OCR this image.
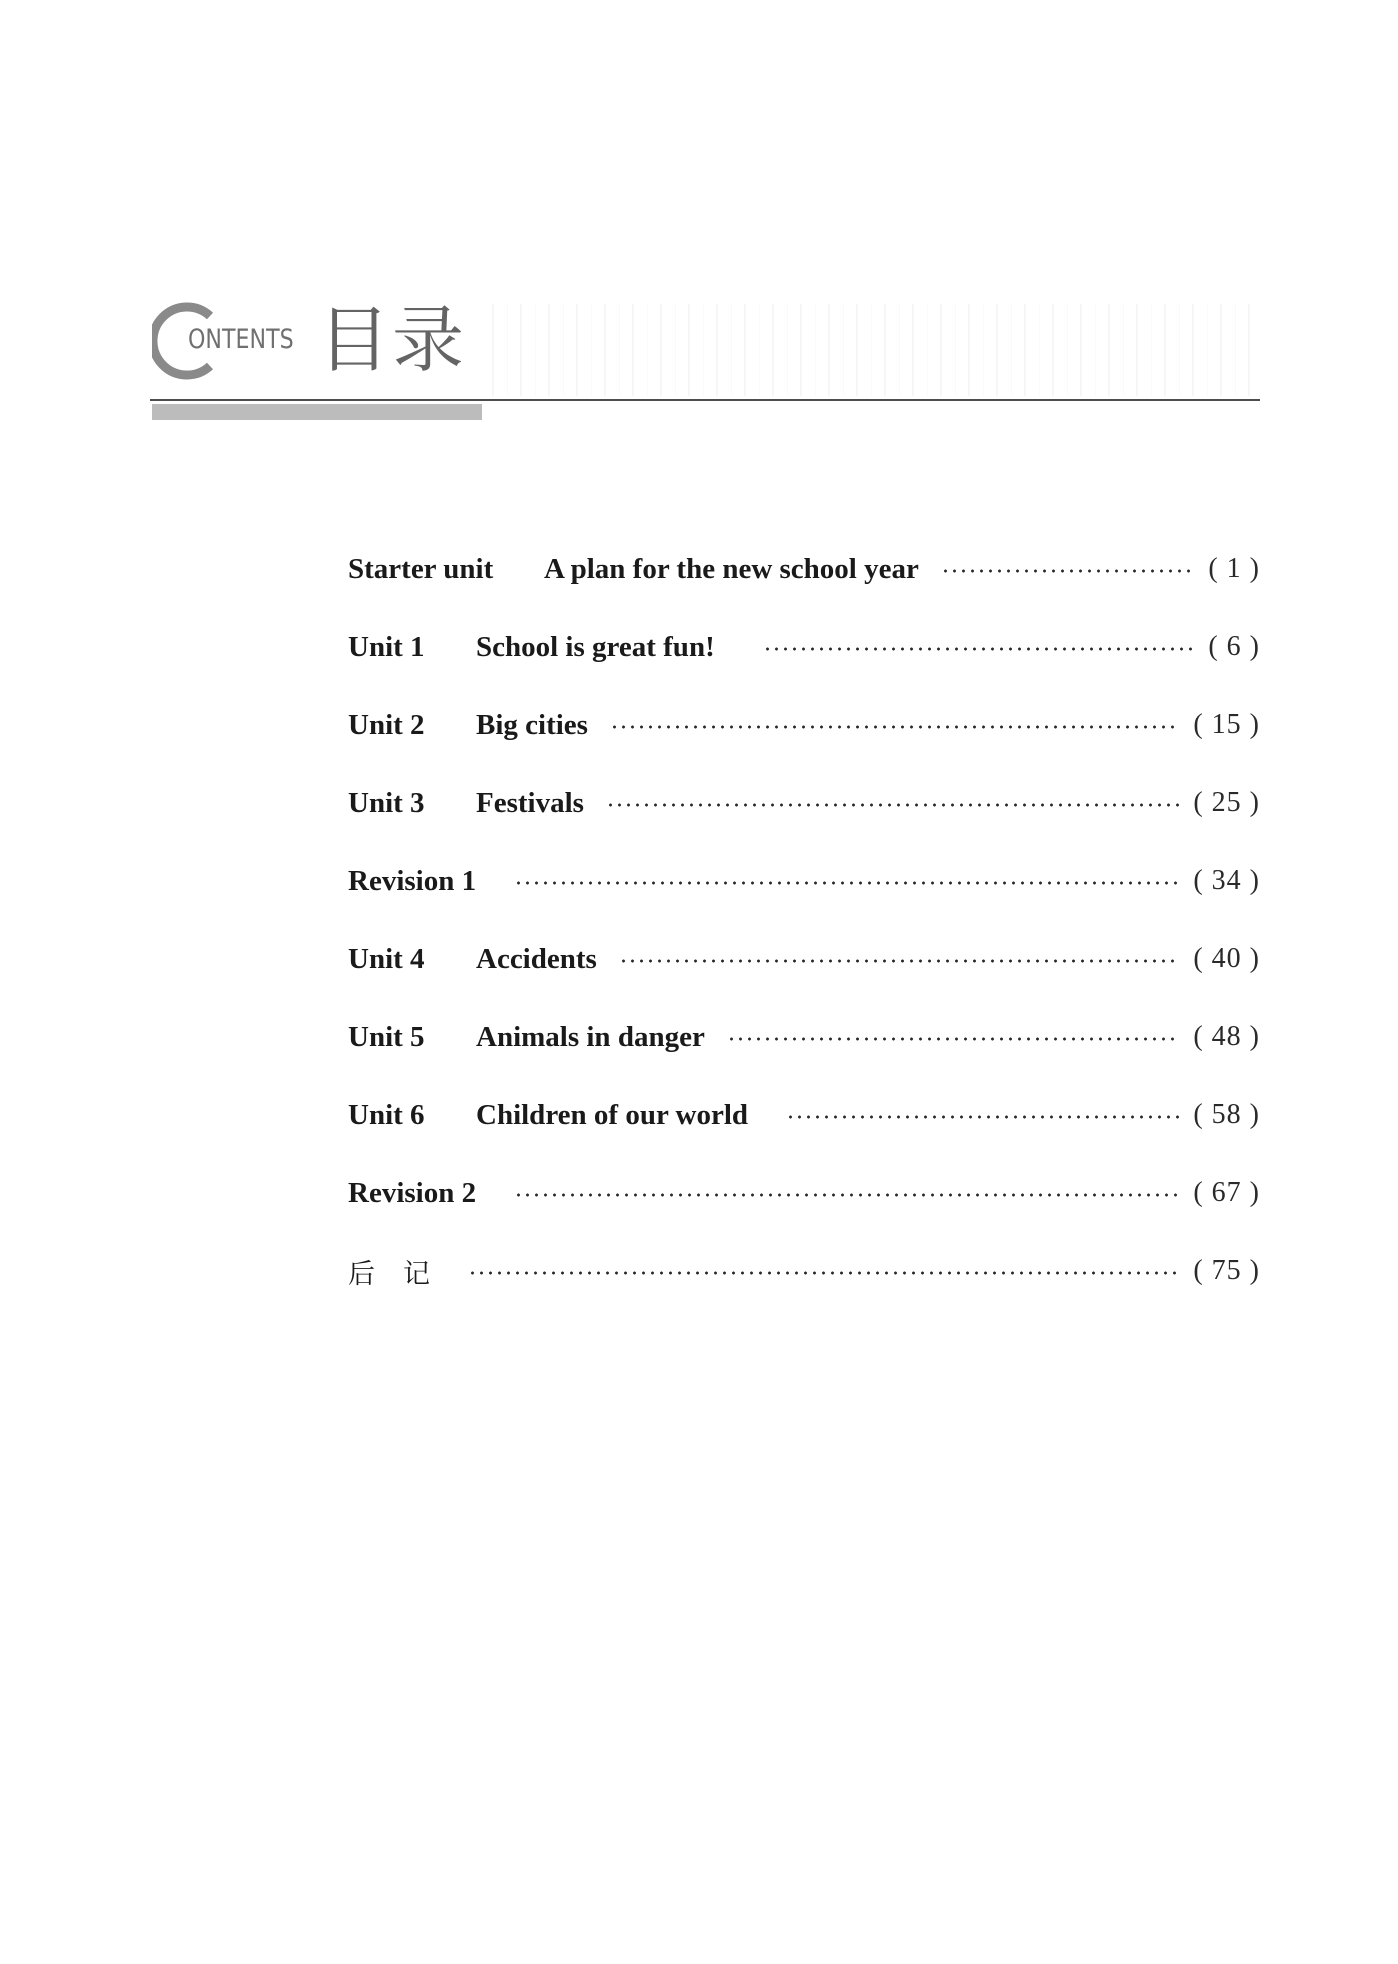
ONTENTS 目录
Starter unit	A plan for the new school year	( 1 )
Unit 1	School is great fun!	( 6 )
Unit 2	Big cities	( 15 )
Unit 3	Festivals	( 25 )
Revision 1	( 34 )
Unit 4	Accidents	( 40 )
Unit 5	Animals in danger	( 48 )
Unit 6	Children of our world	( 58 )
Revision 2	( 67 )
后记	( 75 )
